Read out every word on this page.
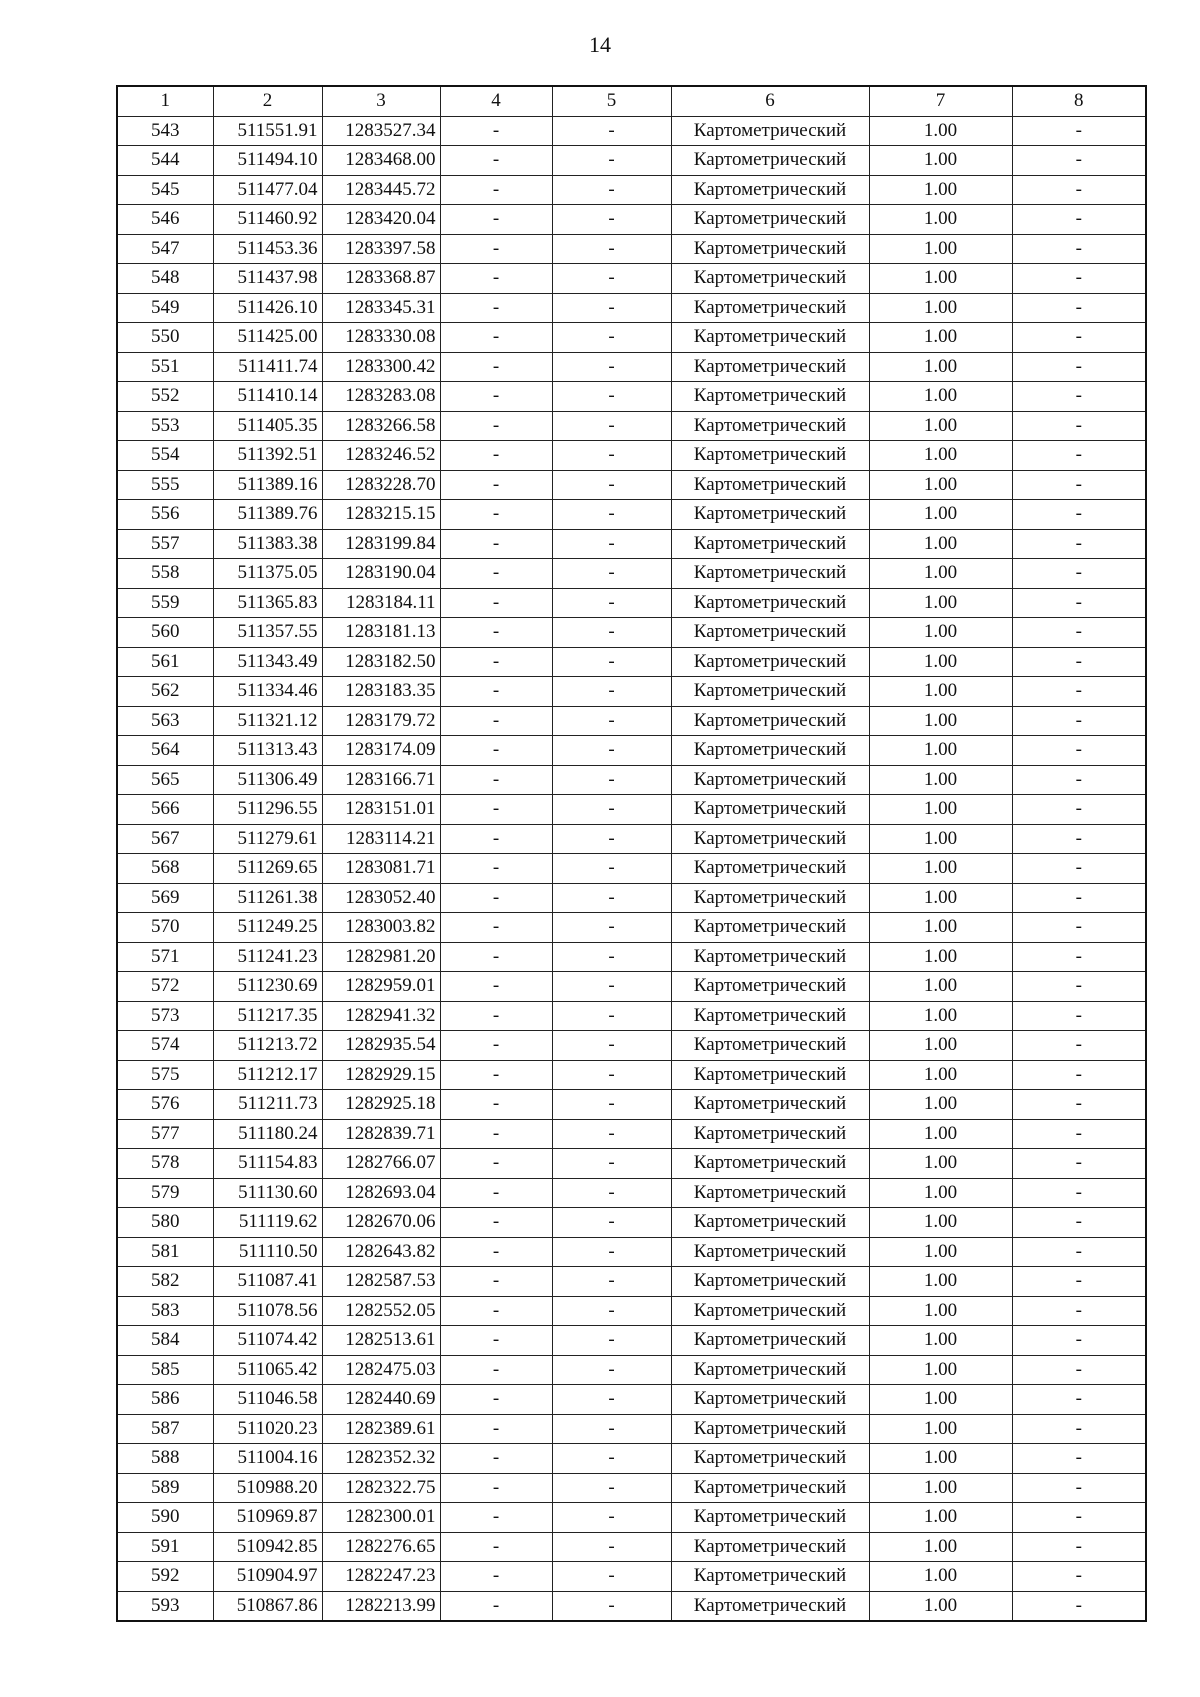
14
1	2	3	4	5	6	7	8
543	511551.91	1283527.34	-	-	Картометрический	1.00	-
544	511494.10	1283468.00	-	-	Картометрический	1.00	-
545	511477.04	1283445.72	-	-	Картометрический	1.00	-
546	511460.92	1283420.04	-	-	Картометрический	1.00	-
547	511453.36	1283397.58	-	-	Картометрический	1.00	-
548	511437.98	1283368.87	-	-	Картометрический	1.00	-
549	511426.10	1283345.31	-	-	Картометрический	1.00	-
550	511425.00	1283330.08	-	-	Картометрический	1.00	-
551	511411.74	1283300.42	-	-	Картометрический	1.00	-
552	511410.14	1283283.08	-	-	Картометрический	1.00	-
553	511405.35	1283266.58	-	-	Картометрический	1.00	-
554	511392.51	1283246.52	-	-	Картометрический	1.00	-
555	511389.16	1283228.70	-	-	Картометрический	1.00	-
556	511389.76	1283215.15	-	-	Картометрический	1.00	-
557	511383.38	1283199.84	-	-	Картометрический	1.00	-
558	511375.05	1283190.04	-	-	Картометрический	1.00	-
559	511365.83	1283184.11	-	-	Картометрический	1.00	-
560	511357.55	1283181.13	-	-	Картометрический	1.00	-
561	511343.49	1283182.50	-	-	Картометрический	1.00	-
562	511334.46	1283183.35	-	-	Картометрический	1.00	-
563	511321.12	1283179.72	-	-	Картометрический	1.00	-
564	511313.43	1283174.09	-	-	Картометрический	1.00	-
565	511306.49	1283166.71	-	-	Картометрический	1.00	-
566	511296.55	1283151.01	-	-	Картометрический	1.00	-
567	511279.61	1283114.21	-	-	Картометрический	1.00	-
568	511269.65	1283081.71	-	-	Картометрический	1.00	-
569	511261.38	1283052.40	-	-	Картометрический	1.00	-
570	511249.25	1283003.82	-	-	Картометрический	1.00	-
571	511241.23	1282981.20	-	-	Картометрический	1.00	-
572	511230.69	1282959.01	-	-	Картометрический	1.00	-
573	511217.35	1282941.32	-	-	Картометрический	1.00	-
574	511213.72	1282935.54	-	-	Картометрический	1.00	-
575	511212.17	1282929.15	-	-	Картометрический	1.00	-
576	511211.73	1282925.18	-	-	Картометрический	1.00	-
577	511180.24	1282839.71	-	-	Картометрический	1.00	-
578	511154.83	1282766.07	-	-	Картометрический	1.00	-
579	511130.60	1282693.04	-	-	Картометрический	1.00	-
580	511119.62	1282670.06	-	-	Картометрический	1.00	-
581	511110.50	1282643.82	-	-	Картометрический	1.00	-
582	511087.41	1282587.53	-	-	Картометрический	1.00	-
583	511078.56	1282552.05	-	-	Картометрический	1.00	-
584	511074.42	1282513.61	-	-	Картометрический	1.00	-
585	511065.42	1282475.03	-	-	Картометрический	1.00	-
586	511046.58	1282440.69	-	-	Картометрический	1.00	-
587	511020.23	1282389.61	-	-	Картометрический	1.00	-
588	511004.16	1282352.32	-	-	Картометрический	1.00	-
589	510988.20	1282322.75	-	-	Картометрический	1.00	-
590	510969.87	1282300.01	-	-	Картометрический	1.00	-
591	510942.85	1282276.65	-	-	Картометрический	1.00	-
592	510904.97	1282247.23	-	-	Картометрический	1.00	-
593	510867.86	1282213.99	-	-	Картометрический	1.00	-
